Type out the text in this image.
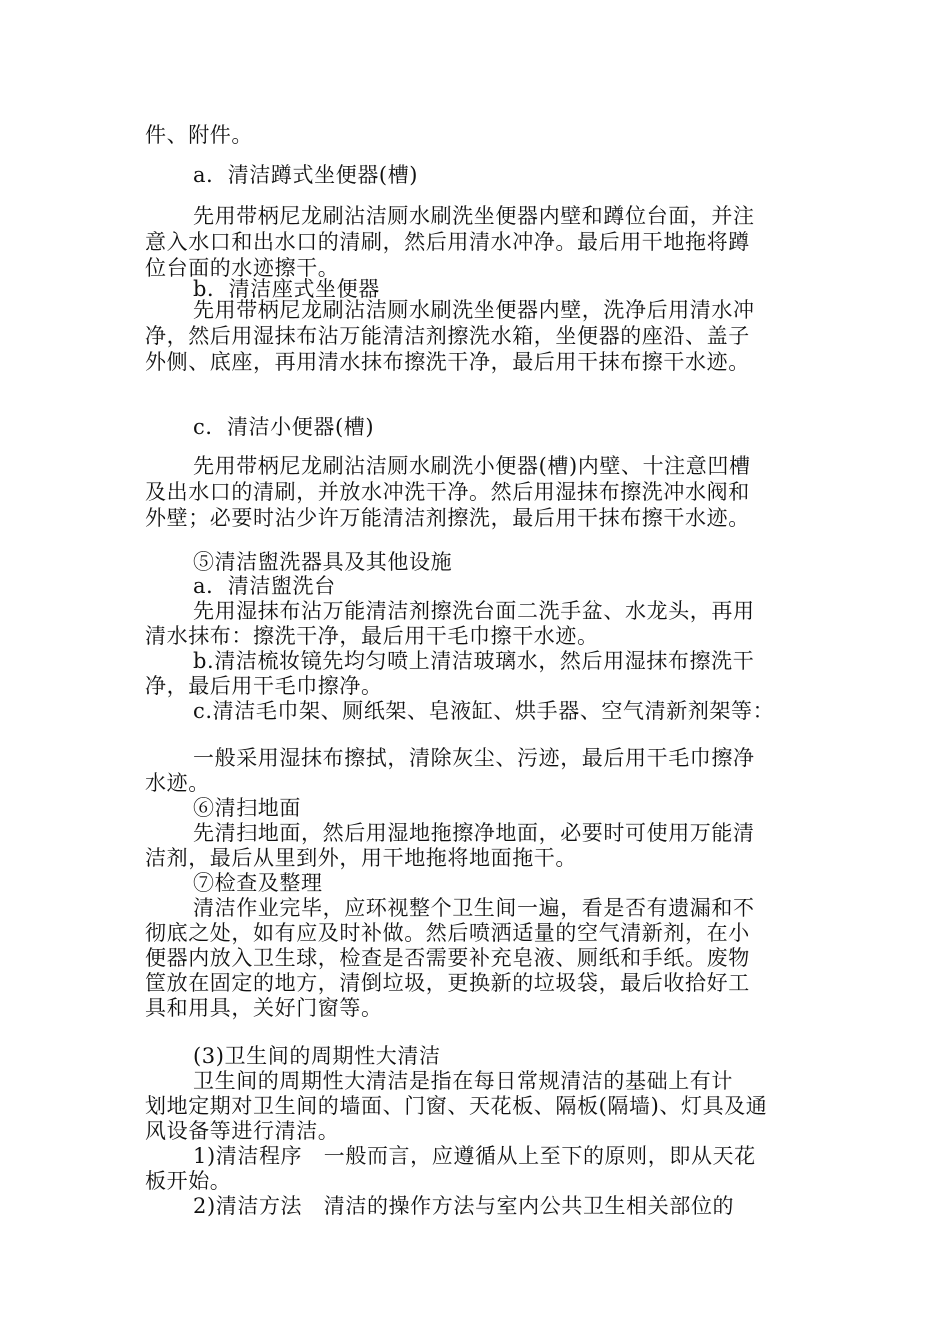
件、附件。
a．清洁蹲式坐便器(槽)
先用带柄尼龙刷沾洁厕水刷洗坐便器内壁和蹲位台面，并注
意入水口和出水口的清刷，然后用清水冲净。最后用干地拖将蹲
位台面的水迹擦干。
b．清洁座式坐便器
先用带柄尼龙刷沾洁厕水刷洗坐便器内壁，洗净后用清水冲
净，然后用湿抹布沾万能清洁剂擦洗水箱，坐便器的座沿、盖子
外侧、底座，再用清水抹布擦洗干净，最后用干抹布擦干水迹。
c．清洁小便器(槽)
先用带柄尼龙刷沾洁厕水刷洗小便器(槽)内壁、十注意凹槽
及出水口的清刷，并放水冲洗干净。然后用湿抹布擦洗冲水阀和
外壁；必要时沾少许万能清洁剂擦洗，最后用干抹布擦干水迹。
⑤清洁盥洗器具及其他设施
a．清洁盥洗台
先用湿抹布沾万能清洁剂擦洗台面二洗手盆、水龙头，再用
清水抹布：擦洗干净，最后用干毛巾擦干水迹。
b.清洁梳妆镜先均匀喷上清洁玻璃水，然后用湿抹布擦洗干
净，最后用干毛巾擦净。
c.清洁毛巾架、厕纸架、皂液缸、烘手器、空气清新剂架等：
一般采用湿抹布擦拭，清除灰尘、污迹，最后用干毛巾擦净
水迹。
⑥清扫地面
先清扫地面，然后用湿地拖擦净地面，必要时可使用万能清
洁剂，最后从里到外，用干地拖将地面拖干。
⑦检查及整理
清洁作业完毕，应环视整个卫生间一遍，看是否有遗漏和不
彻底之处，如有应及时补做。然后喷洒适量的空气清新剂，在小
便器内放入卫生球，检查是否需要补充皂液、厕纸和手纸。废物
筐放在固定的地方，清倒垃圾，更换新的垃圾袋，最后收拾好工
具和用具，关好门窗等。
(3)卫生间的周期性大清洁
卫生间的周期性大清洁是指在每日常规清洁的基础上有计
划地定期对卫生间的墙面、门窗、天花板、隔板(隔墙)、灯具及通
风设备等进行清洁。
1)清洁程序　一般而言，应遵循从上至下的原则，即从天花
板开始。
2)清洁方法　清洁的操作方法与室内公共卫生相关部位的
